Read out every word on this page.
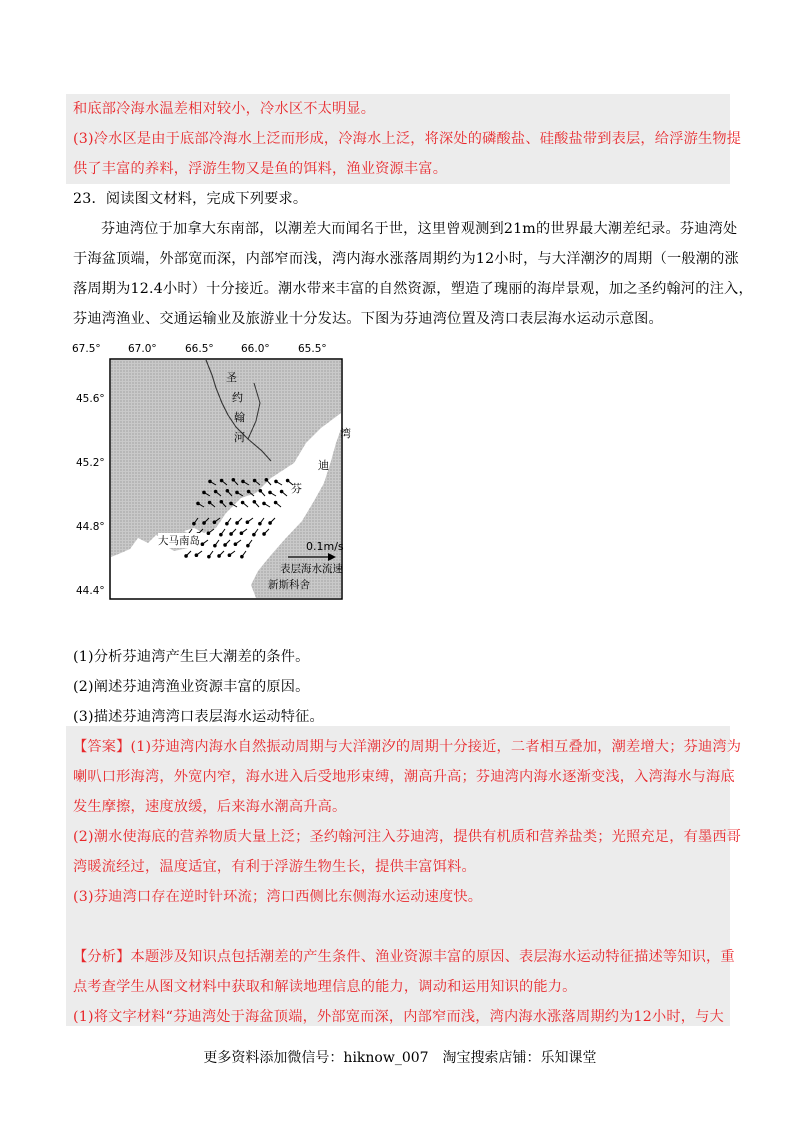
和底部冷海水温差相对较小，冷水区不太明显。
(3)冷水区是由于底部冷海水上泛而形成，冷海水上泛，将深处的磷酸盐、硅酸盐带到表层，给浮游生物提
供了丰富的养料，浮游生物又是鱼的饵料，渔业资源丰富。
23．阅读图文材料，完成下列要求。
芬迪湾位于加拿大东南部，以潮差大而闻名于世，这里曾观测到21m的世界最大潮差纪录。芬迪湾处
于海盆顶端，外部宽而深，内部窄而浅，湾内海水涨落周期约为12小时，与大洋潮汐的周期（一般潮的涨
落周期为12.4小时）十分接近。潮水带来丰富的自然资源，塑造了瑰丽的海岸景观，加之圣约翰河的注入，
芬迪湾渔业、交通运输业及旅游业十分发达。下图为芬迪湾位置及湾口表层海水运动示意图。
67.5°	67.0°	66.5°	66.0°	65.5°
45.6°
45.2°
44.8°
44.4°
圣
约
翰
河
芬
迪
湾
大马南岛	0.1m/s
表层海水流速
新斯科舍
(1)分析芬迪湾产生巨大潮差的条件。
(2)阐述芬迪湾渔业资源丰富的原因。
(3)描述芬迪湾湾口表层海水运动特征。
【答案】(1)芬迪湾内海水自然振动周期与大洋潮汐的周期十分接近，二者相互叠加，潮差增大；芬迪湾为
喇叭口形海湾，外宽内窄，海水进入后受地形束缚，潮高升高；芬迪湾内海水逐渐变浅，入湾海水与海底
发生摩擦，速度放缓，后来海水潮高升高。
(2)潮水使海底的营养物质大量上泛；圣约翰河注入芬迪湾，提供有机质和营养盐类；光照充足，有墨西哥
湾暖流经过，温度适宜，有利于浮游生物生长，提供丰富饵料。
(3)芬迪湾口存在逆时针环流；湾口西侧比东侧海水运动速度快。
【分析】本题涉及知识点包括潮差的产生条件、渔业资源丰富的原因、表层海水运动特征描述等知识，重
点考查学生从图文材料中获取和解读地理信息的能力，调动和运用知识的能力。
(1)将文字材料“芬迪湾处于海盆顶端，外部宽而深，内部窄而浅，湾内海水涨落周期约为12小时，与大
更多资料添加微信号：hiknow_007　淘宝搜索店铺：乐知课堂
